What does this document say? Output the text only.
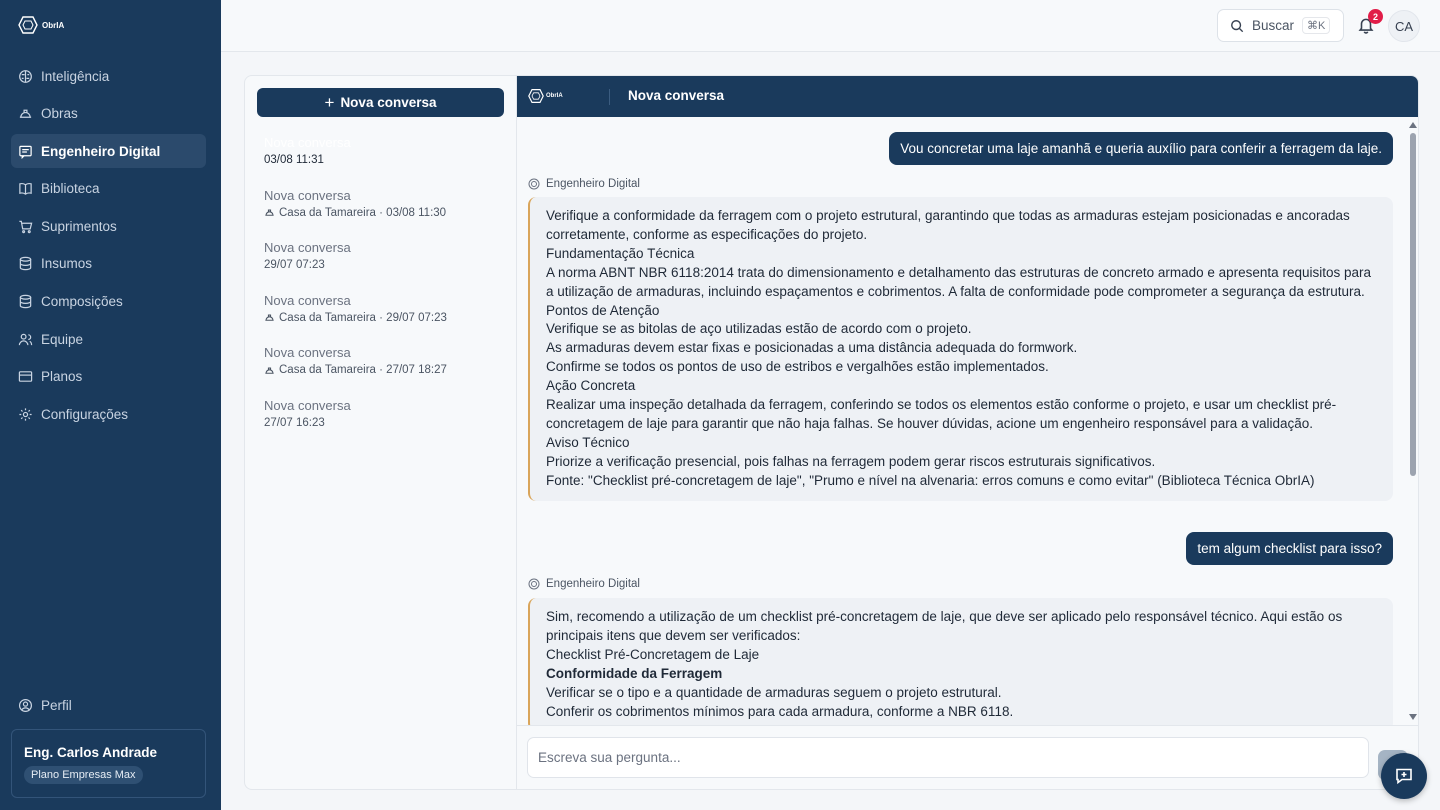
ObrIA
Inteligência
Obras
Engenheiro Digital
Biblioteca
Suprimentos
Insumos
Composições
Equipe
Planos
Configurações
Perfil
Eng. Carlos Andrade
Plano Empresas Max
Buscar	⌘K
2
CA
+ Nova conversa
Nova conversa
03/08 11:31
Nova conversa
Casa da Tamareira · 03/08 11:30
Nova conversa
29/07 07:23
Nova conversa
Casa da Tamareira · 29/07 07:23
Nova conversa
Casa da Tamareira · 27/07 18:27
Nova conversa
27/07 16:23
ObrIA	Nova conversa
Vou concretar uma laje amanhã e queria auxílio para conferir a ferragem da laje.
Engenheiro Digital

Verifique a conformidade da ferragem com o projeto estrutural, garantindo que todas as armaduras estejam posicionadas e ancoradas corretamente, conforme as especificações do projeto.

Fundamentação Técnica

A norma ABNT NBR 6118:2014 trata do dimensionamento e detalhamento das estruturas de concreto armado e apresenta requisitos para a utilização de armaduras, incluindo espaçamentos e cobrimentos. A falta de conformidade pode comprometer a segurança da estrutura.

Pontos de Atenção

Verifique se as bitolas de aço utilizadas estão de acordo com o projeto.

As armaduras devem estar fixas e posicionadas a uma distância adequada do formwork.

Confirme se todos os pontos de uso de estribos e vergalhões estão implementados.

Ação Concreta

Realizar uma inspeção detalhada da ferragem, conferindo se todos os elementos estão conforme o projeto, e usar um checklist pré-concretagem de laje para garantir que não haja falhas. Se houver dúvidas, acione um engenheiro responsável para a validação.

Aviso Técnico

Priorize a verificação presencial, pois falhas na ferragem podem gerar riscos estruturais significativos.

Fonte: "Checklist pré-concretagem de laje", "Prumo e nível na alvenaria: erros comuns e como evitar" (Biblioteca Técnica ObrIA)

tem algum checklist para isso?
Engenheiro Digital

Sim, recomendo a utilização de um checklist pré-concretagem de laje, que deve ser aplicado pelo responsável técnico. Aqui estão os principais itens que devem ser verificados:

Checklist Pré-Concretagem de Laje

Conformidade da Ferragem

Verificar se o tipo e a quantidade de armaduras seguem o projeto estrutural.

Conferir os cobrimentos mínimos para cada armadura, conforme a NBR 6118.

Escreva sua pergunta...
